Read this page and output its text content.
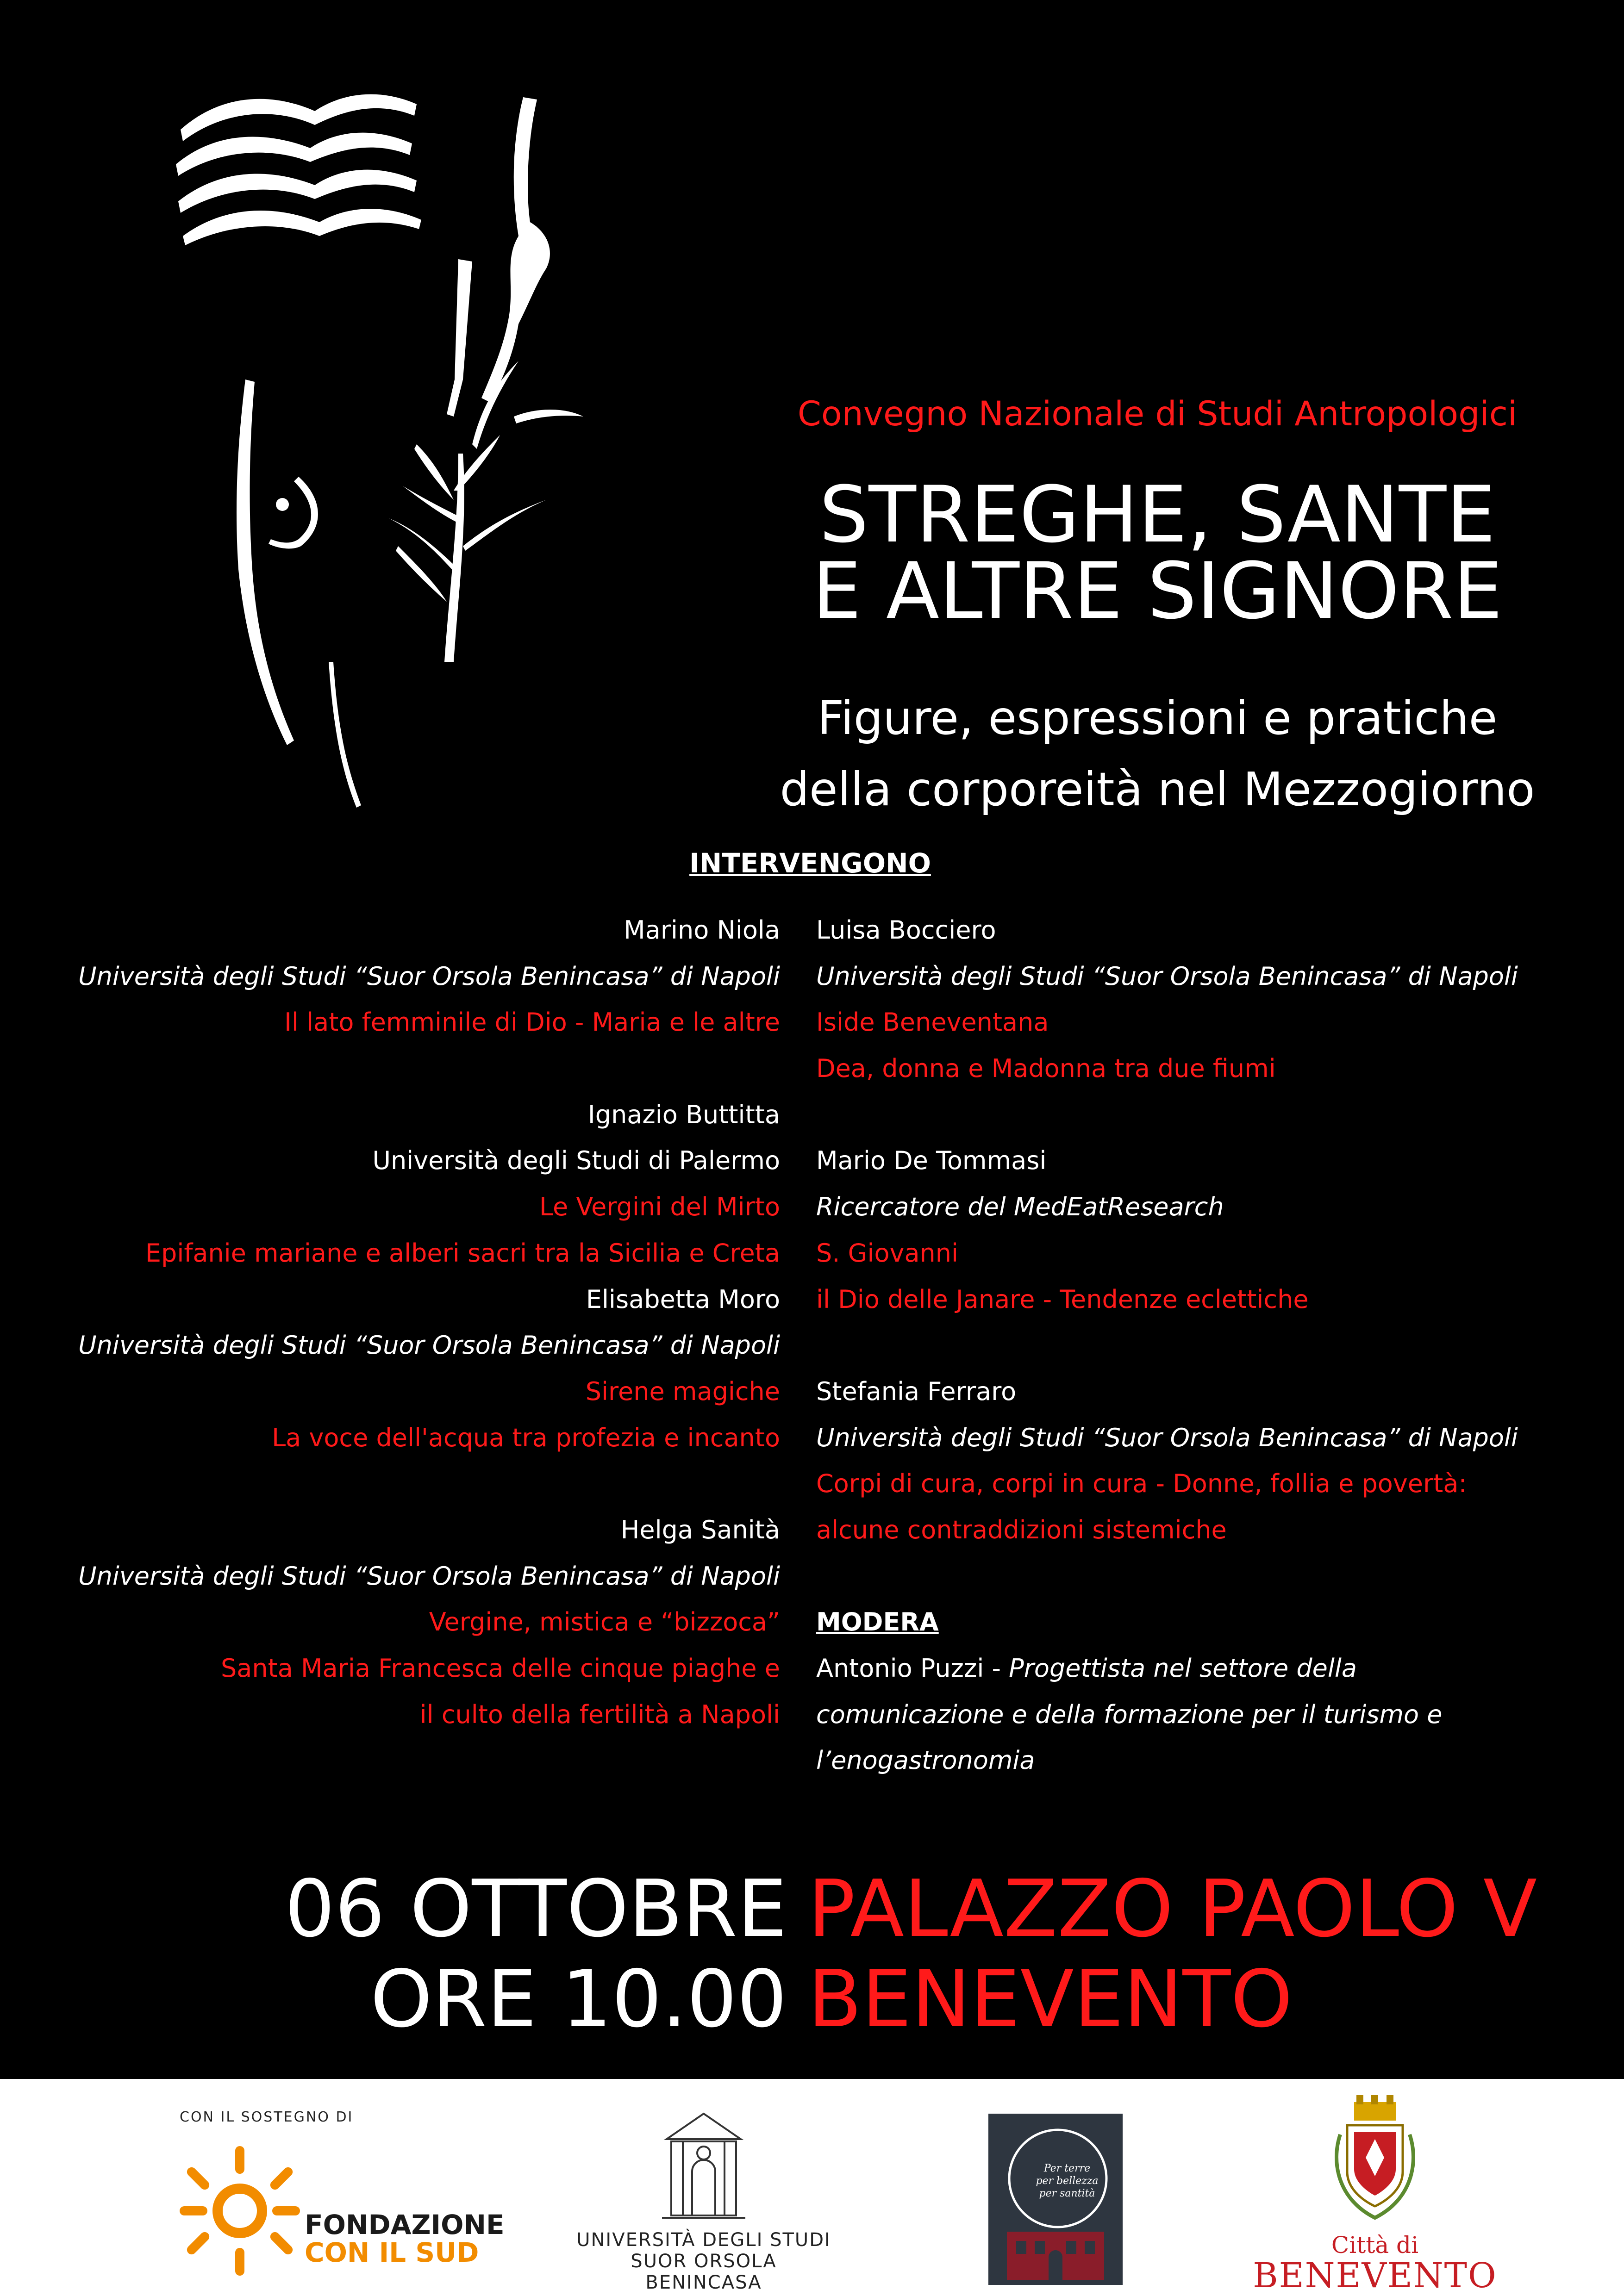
Convegno Nazionale di Studi Antropologici
STREGHE, SANTE
E ALTRE SIGNORE
Figure, espressioni e pratiche
della corporeità nel Mezzogiorno
INTERVENGONO
Marino Niola
Università degli Studi “Suor Orsola Benincasa” di Napoli
Il lato femminile di Dio - Maria e le altre
Ignazio Buttitta
Università degli Studi di Palermo
Le Vergini del Mirto
Epifanie mariane e alberi sacri tra la Sicilia e Creta
Elisabetta Moro
Università degli Studi “Suor Orsola Benincasa” di Napoli
Sirene magiche
La voce dell'acqua tra profezia e incanto
Helga Sanità
Università degli Studi “Suor Orsola Benincasa” di Napoli
Vergine, mistica e “bizzoca”
Santa Maria Francesca delle cinque piaghe e
il culto della fertilità a Napoli
Luisa Bocciero
Università degli Studi “Suor Orsola Benincasa” di Napoli
Iside Beneventana
Dea, donna e Madonna tra due fiumi
Mario De Tommasi
Ricercatore del MedEatResearch
S. Giovanni
il Dio delle Janare - Tendenze eclettiche
Stefania Ferraro
Università degli Studi “Suor Orsola Benincasa” di Napoli
Corpi di cura, corpi in cura - Donne, follia e povertà:
alcune contraddizioni sistemiche
MODERA
Antonio Puzzi - Progettista nel settore della
comunicazione e della formazione per il turismo e
l’enogastronomia
06 OTTOBRE PALAZZO PAOLO V
ORE 10.00 BENEVENTO
CON IL SOSTEGNO DI
FONDAZIONE
CON IL SUD	UNIVERSITÀ DEGLI STUDI
SUOR ORSOLA
BENINCASA
Per terre
per bellezza
per santità
Città di
BENEVENTO
